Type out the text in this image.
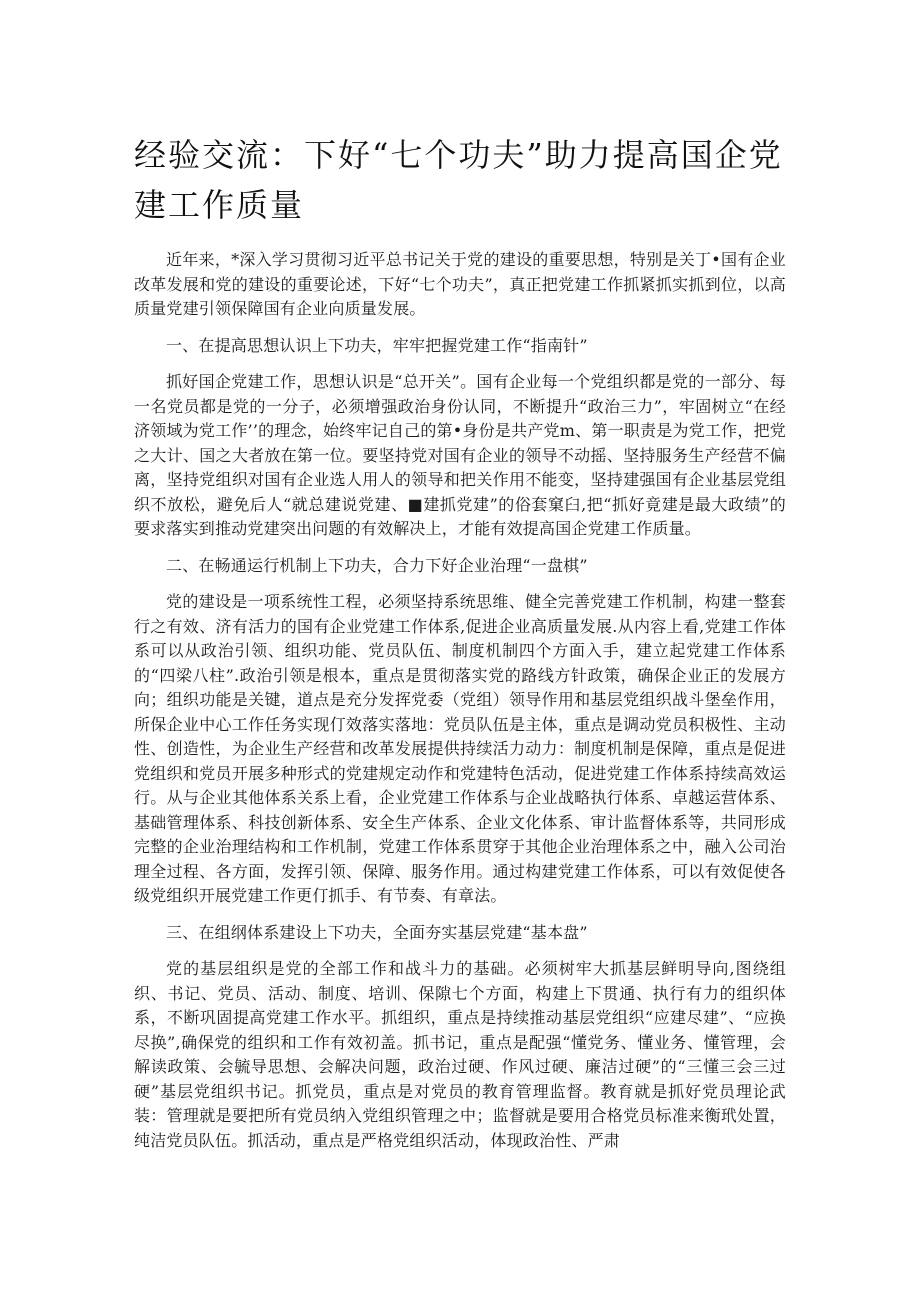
经验交流：下好“七个功夫”助力提高国企党建工作质量

近年来，*深入学习贯彻习近平总书记关于党的建设的重要思想，特别是关丁•国有企业改革发展和党的建设的重要论述，下好“七个功夫”，真正把党建工作抓紧抓实抓到位，以高质量党建引领保障国有企业向质量发展。

一、在提高思想认识上下功夫，牢牢把握党建工作“指南针”

抓好国企党建工作，思想认识是“总开关”。国有企业每一个党组织都是党的一部分、每一名党员都是党的一分子，必须增强政治身份认同，不断提升“政治三力”，牢固树立“在经济领域为党工作’’的理念，始终牢记自己的第•身份是共产党m、第一职责是为党工作，把党之大计、国之大者放在第一位。要坚持党对国有企业的领导不动摇、坚持服务生产经营不偏离，坚持党组织对国有企业选人用人的领导和把关作用不能变，坚持建强国有企业基层党组织不放松，避免后人“就总建说党建、■建抓党建”的俗套窠臼,把“抓好竟建是最大政绩”的要求落实到推动党建突出问题的有效解决上，才能有效提高国企党建工作质量。

二、在畅通运行机制上下功夫，合力下好企业治理“一盘棋”

党的建设是一项系统性工程，必须坚持系统思维、健全完善党建工作机制，构建一整套行之有效、济有活力的国有企业党建工作体系,促进企业高质量发展.从内容上看,党建工作体系可以从政治引领、组织功能、党员队伍、制度机制四个方面入手，建立起党建工作体系的“四梁八柱”.政治引领是根本，重点是贯彻落实党的路线方针政策，确保企业正的发展方向；组织功能是关键，道点是充分发挥党委（党组）领导作用和基层党组织战斗堡垒作用，所保企业中心工作任务实现仃效落实落地：党员队伍是主体，重点是调动党员积极性、主动性、创造性，为企业生产经营和改革发展提供持续活力动力：制度机制是保障，重点是促进党组织和党员开展多种形式的党建规定动作和党建特色活动，促进党建工作体系持续高效运行。从与企业其他体系关系上看，企业党建工作体系与企业战略执行体系、卓越运营体系、基础管理体系、科技创新体系、安全生产体系、企业文化体系、审计监督体系等，共同形成完整的企业治理结构和工作机制，党建工作体系贯穿于其他企业治理体系之中，融入公司治理全过程、各方面，发挥引领、保障、服务作用。通过构建党建工作体系，可以有效促使各级党组织开展党建工作更仃抓手、有节奏、有章法。

三、在组纲体系建设上下功夫，全面夯实基层党建“基本盘”

党的基层组织是党的全部工作和战斗力的基础。必须树牢大抓基层鲜明导向,图绕组织、书记、党员、活动、制度、培训、保隙七个方面，构建上下贯通、执行有力的组织体系，不断巩固提高党建工作水平。抓组织，重点是持续推动基层党组织“应建尽建”、“应换尽换”,确保党的组织和工作有效初盖。抓书记，重点是配强“懂党务、懂业务、懂管理，会解读政策、会毓导思想、会解决问题，政治过硬、作风过硬、廉洁过硬”的“三懂三会三过硬”基层党组织书记。抓党员，重点是对党员的教育管理监督。教育就是抓好党员理论武装：管理就是要把所有党员纳入党组织管理之中；监督就是要用合格党员标准来衡玳处置，纯洁党员队伍。抓活动，重点是严格党组织活动，体现政治性、严肃
